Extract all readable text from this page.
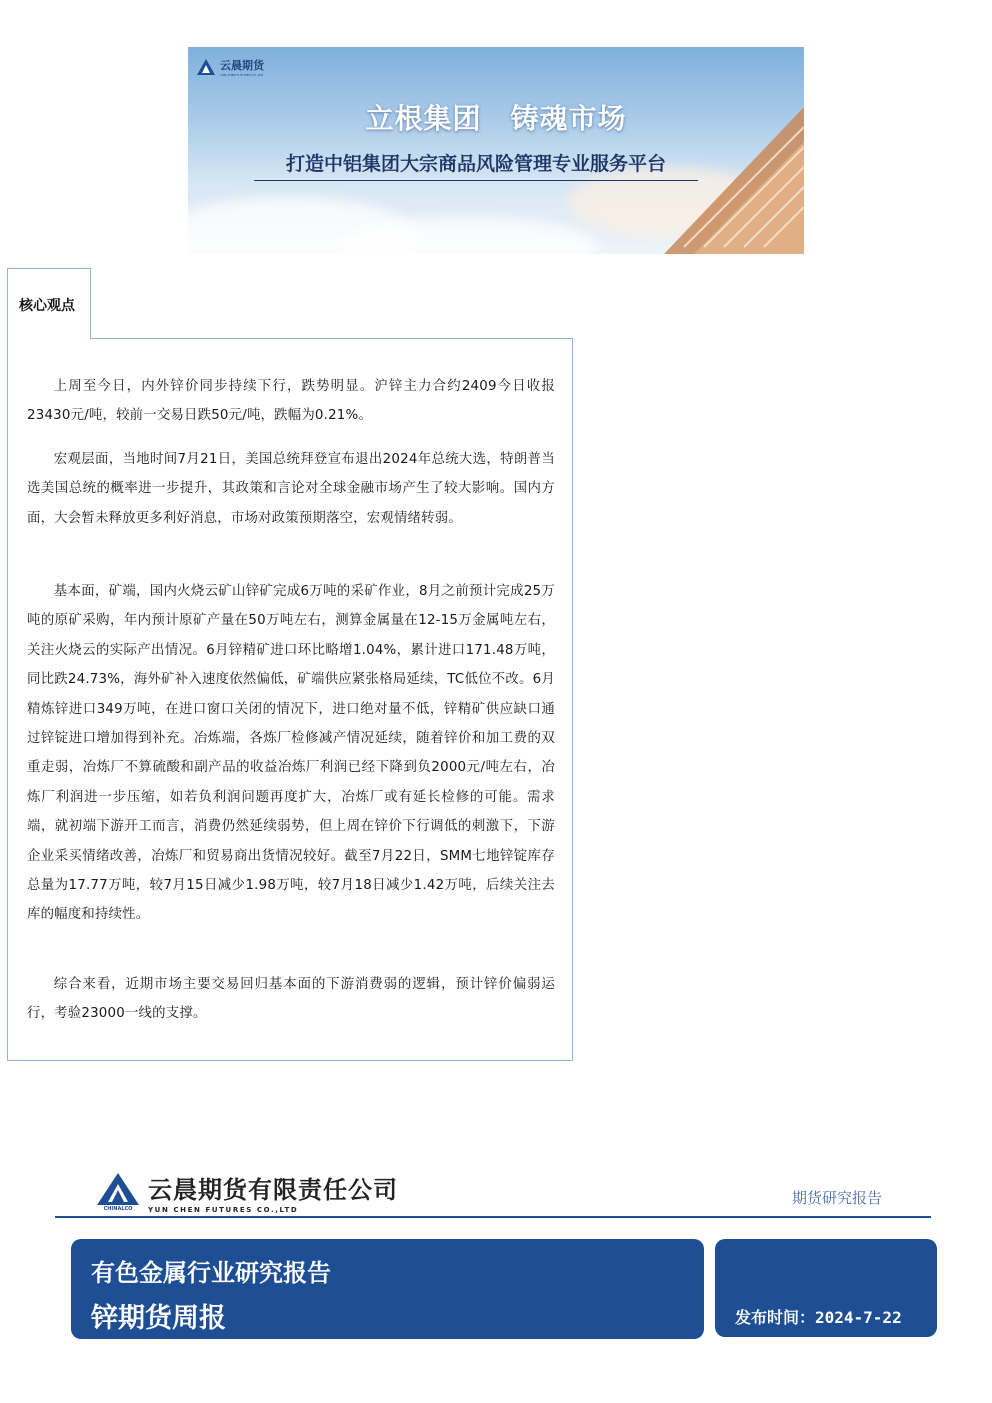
云晨期货
YUN CHEN FUTURES CO.,LTD
立根集团　铸魂市场
打造中铝集团大宗商品风险管理专业服务平台
核心观点

上周至今日，内外锌价同步持续下行，跌势明显。沪锌主力合约2409今日收报23430元/吨，较前一交易日跌50元/吨，跌幅为0.21%。

宏观层面，当地时间7月21日，美国总统拜登宣布退出2024年总统大选，特朗普当选美国总统的概率进一步提升，其政策和言论对全球金融市场产生了较大影响。国内方面，大会暂未释放更多利好消息，市场对政策预期落空，宏观情绪转弱。

基本面，矿端，国内火烧云矿山锌矿完成6万吨的采矿作业，8月之前预计完成25万吨的原矿采购，年内预计原矿产量在50万吨左右，测算金属量在12-15万金属吨左右，关注火烧云的实际产出情况。6月锌精矿进口环比略增1.04%，累计进口171.48万吨，同比跌24.73%，海外矿补入速度依然偏低，矿端供应紧张格局延续，TC低位不改。6月精炼锌进口349万吨，在进口窗口关闭的情况下，进口绝对量不低，锌精矿供应缺口通过锌锭进口增加得到补充。冶炼端，各炼厂检修减产情况延续，随着锌价和加工费的双重走弱，冶炼厂不算硫酸和副产品的收益冶炼厂利润已经下降到负2000元/吨左右，冶炼厂利润进一步压缩，如若负利润问题再度扩大，冶炼厂或有延长检修的可能。需求端，就初端下游开工而言，消费仍然延续弱势，但上周在锌价下行调低的刺激下，下游企业采买情绪改善，冶炼厂和贸易商出货情况较好。截至7月22日，SMM七地锌锭库存总量为17.77万吨，较7月15日减少1.98万吨，较7月18日减少1.42万吨，后续关注去库的幅度和持续性。

综合来看，近期市场主要交易回归基本面的下游消费弱的逻辑，预计锌价偏弱运行，考验23000一线的支撑。

CHINALCO
云晨期货有限责任公司
YUN CHEN FUTURES CO.,LTD
期货研究报告
有色金属行业研究报告
锌期货周报	发布时间：2024-7-22
